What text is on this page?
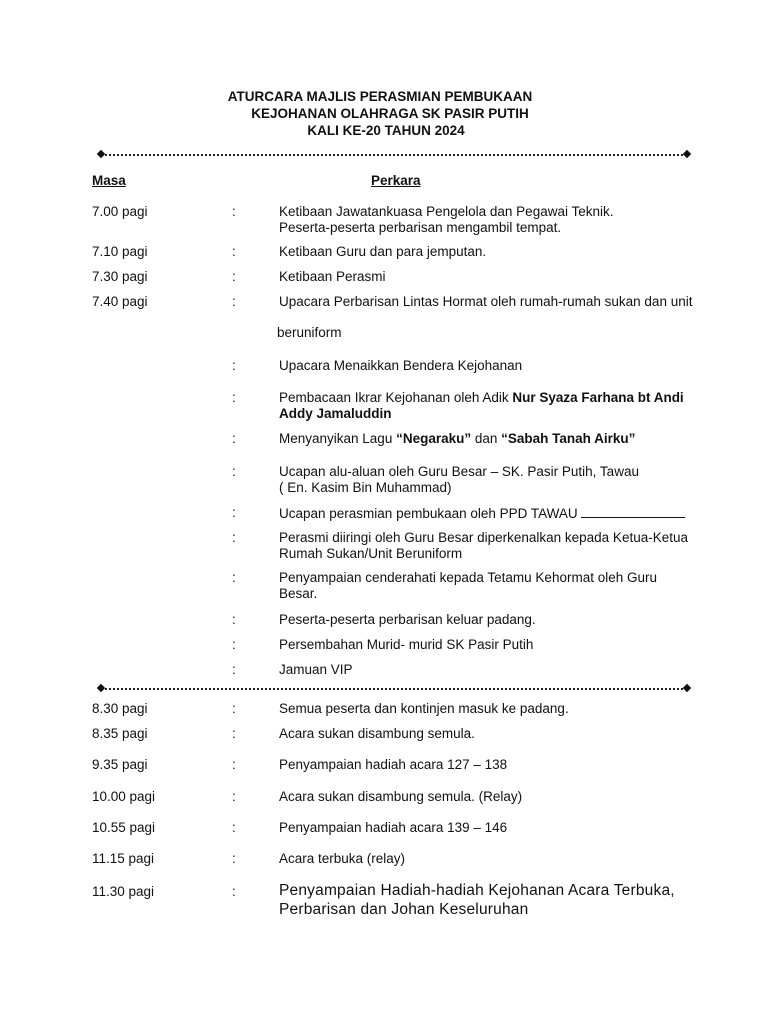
ATURCARA MAJLIS PERASMIAN PEMBUKAAN
KEJOHANAN OLAHRAGA SK PASIR PUTIH
KALI KE-20 TAHUN 2024
Masa	Perkara
7.00 pagi	:	Ketibaan Jawatankuasa Pengelola dan Pegawai Teknik.
Peserta-peserta perbarisan mengambil tempat.
7.10 pagi	:	Ketibaan Guru dan para jemputan.
7.30 pagi	:	Ketibaan Perasmi
7.40 pagi	:	Upacara Perbarisan Lintas Hormat oleh rumah-rumah sukan dan unit
beruniform
:	Upacara Menaikkan Bendera Kejohanan
:	Pembacaan Ikrar Kejohanan oleh Adik Nur Syaza Farhana bt Andi
Addy Jamaluddin
:	Menyanyikan Lagu “Negaraku” dan “Sabah Tanah Airku”
:	Ucapan alu-aluan oleh Guru Besar – SK. Pasir Putih, Tawau
( En. Kasim Bin Muhammad)
:	Ucapan perasmian pembukaan oleh PPD TAWAU
:	Perasmi diiringi oleh Guru Besar diperkenalkan kepada Ketua-Ketua
Rumah Sukan/Unit Beruniform
:	Penyampaian cenderahati kepada Tetamu Kehormat oleh Guru
Besar.
:	Peserta-peserta perbarisan keluar padang.
:	Persembahan Murid- murid SK Pasir Putih
:	Jamuan VIP
8.30 pagi	:	Semua peserta dan kontinjen masuk ke padang.
8.35 pagi	:	Acara sukan disambung semula.
9.35 pagi	:	Penyampaian hadiah acara 127 – 138
10.00 pagi	:	Acara sukan disambung semula. (Relay)
10.55 pagi	:	Penyampaian hadiah acara 139 – 146
11.15 pagi	:	Acara terbuka (relay)
11.30 pagi	:	Penyampaian Hadiah-hadiah Kejohanan Acara Terbuka,
Perbarisan dan Johan Keseluruhan
